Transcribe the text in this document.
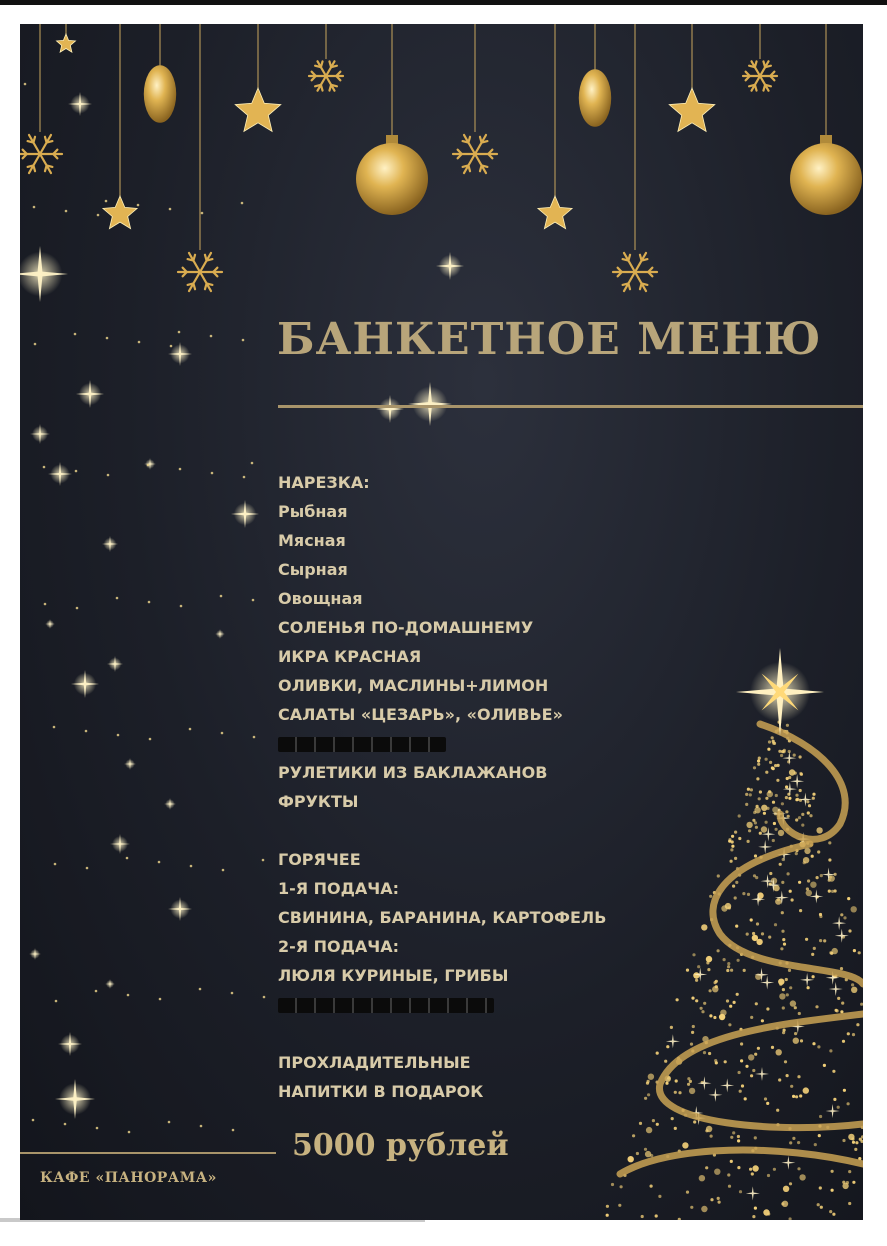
БАНКЕТНОЕ МЕНЮ
НАРЕЗКА:
Рыбная
Мясная
Сырная
Овощная
СОЛЕНЬЯ ПО-ДОМАШНЕМУ
ИКРА КРАСНАЯ
ОЛИВКИ, МАСЛИНЫ+ЛИМОН
САЛАТЫ «ЦЕЗАРЬ», «ОЛИВЬЕ»
РУЛЕТИКИ ИЗ БАКЛАЖАНОВ
ФРУКТЫ
ГОРЯЧЕЕ
1-Я ПОДАЧА:
СВИНИНА, БАРАНИНА, КАРТОФЕЛЬ
2-Я ПОДАЧА:
ЛЮЛЯ КУРИНЫЕ, ГРИБЫ
ПРОХЛАДИТЕЛЬНЫЕ
НАПИТКИ В ПОДАРОК
5000 рублей
КАФЕ «ПАНОРАМА»
